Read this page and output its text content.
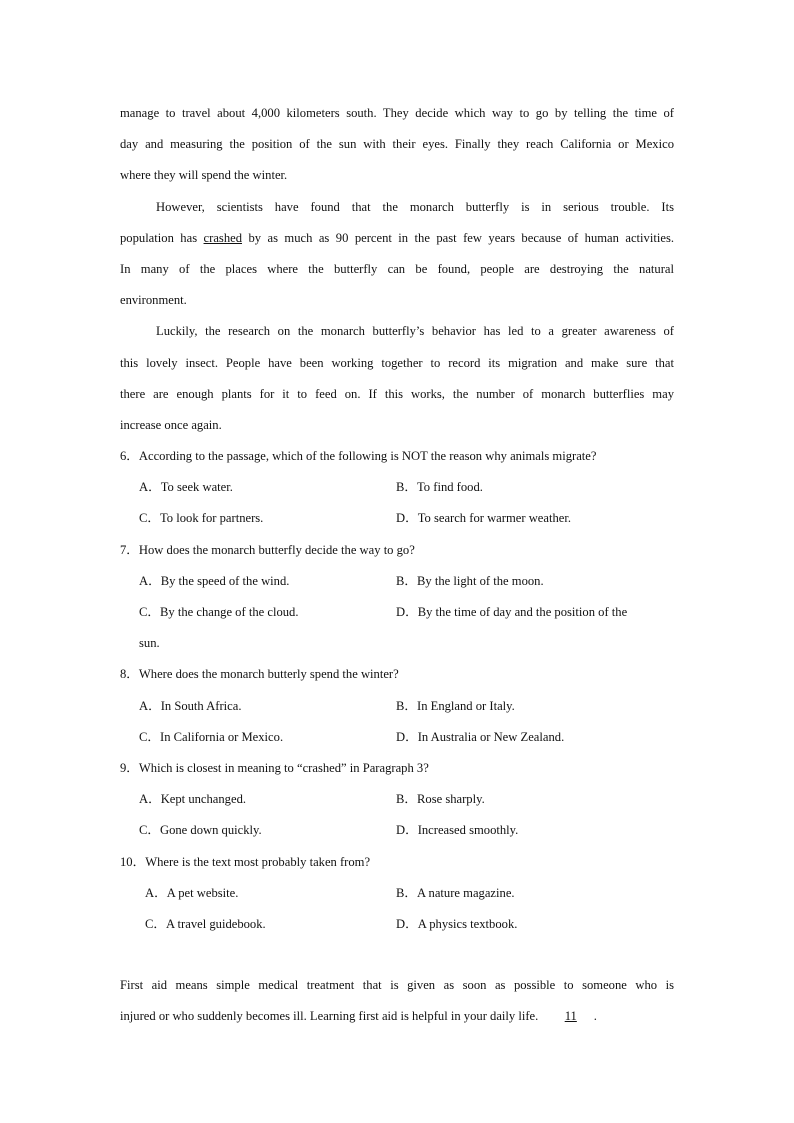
manage to travel about 4,000 kilometers south. They decide which way to go by telling the time of
day and measuring the position of the sun with their eyes. Finally they reach California or Mexico
where they will spend the winter.
However, scientists have found that the monarch butterfly is in serious trouble. Its
population has crashed by as much as 90 percent in the past few years because of human activities.
In many of the places where the butterfly can be found, people are destroying the natural
environment.
Luckily, the research on the monarch butterfly’s behavior has led to a greater awareness of
this lovely insect. People have been working together to record its migration and make sure that
there are enough plants for it to feed on. If this works, the number of monarch butterflies may
increase once again.
6．According to the passage, which of the following is NOT the reason why animals migrate?
A．To seek water.	B．To find food.
C．To look for partners.	D．To search for warmer weather.
7．How does the monarch butterfly decide the way to go?
A．By the speed of the wind.	B．By the light of the moon.
C．By the change of the cloud.	D．By the time of day and the position of the
sun.
8．Where does the monarch butterly spend the winter?
A．In South Africa.	B．In England or Italy.
C．In California or Mexico.	D．In Australia or New Zealand.
9．Which is closest in meaning to “crashed” in Paragraph 3?
A．Kept unchanged.	B．Rose sharply.
C．Gone down quickly.	D．Increased smoothly.
10．Where is the text most probably taken from?
A．A pet website.	B．A nature magazine.
C．A travel guidebook.	D．A physics textbook.
First aid means simple medical treatment that is given as soon as possible to someone who is
injured or who suddenly becomes ill. Learning first aid is helpful in your daily life. 11 .
